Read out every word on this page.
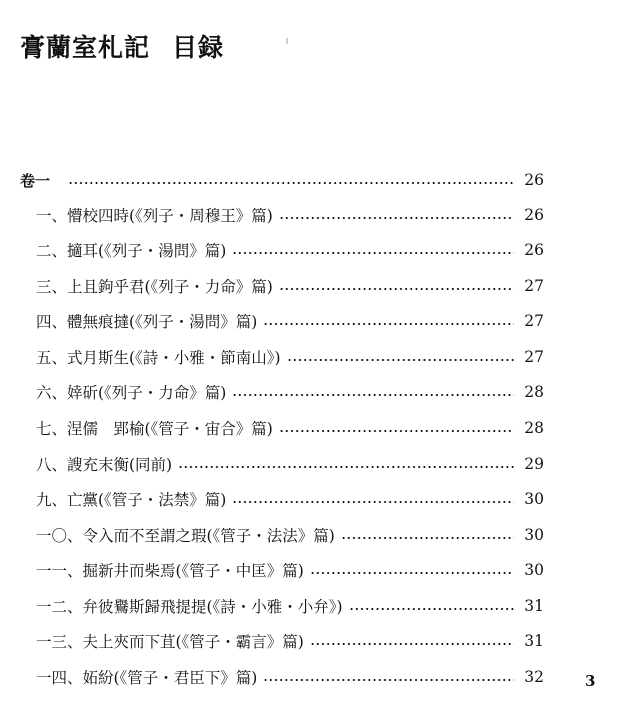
膏蘭室札記 目録
卷一	26
一、懵校四時(《列子・周穆王》篇)	26
二、擿耳(《列子・湯問》篇)	26
三、上且鉤乎君(《列子・力命》篇)	27
四、體無痕撻(《列子・湯問》篇)	27
五、式月斯生(《詩・小雅・節南山》)	27
六、婞斫(《列子・力命》篇)	28
七、涅儒　郢榆(《管子・宙合》篇)	28
八、謏充末衡(同前)	29
九、亡黨(《管子・法禁》篇)	30
一〇、令入而不至謂之瑕(《管子・法法》篇)	30
一一、掘新井而柴焉(《管子・中匡》篇)	30
一二、弁彼鸒斯歸飛提提(《詩・小雅・小弁》)	31
一三、夫上夾而下苴(《管子・霸言》篇)	31
一四、妬紛(《管子・君臣下》篇)	32	3
